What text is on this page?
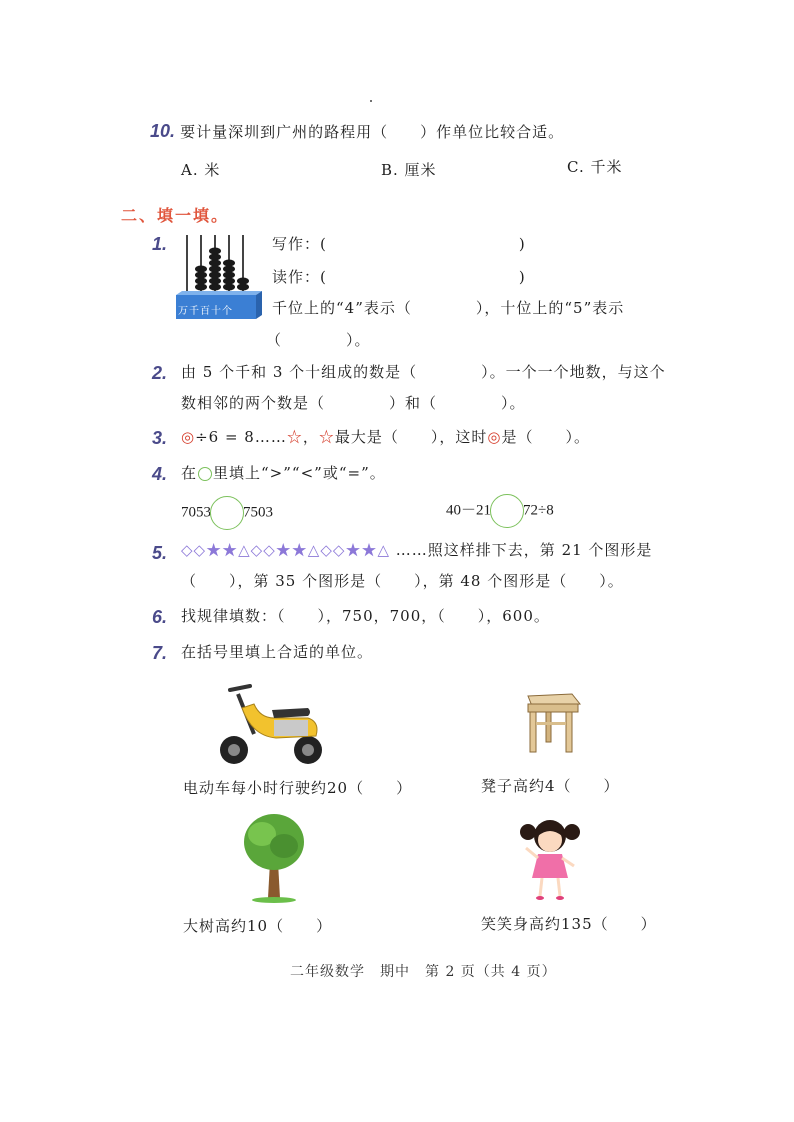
10. 要计量深圳到广州的路程用（　　）作单位比较合适。
A. 米	B. 厘米	C. 千米
二、填一填。
1.
万千百十个
写作：(　　　　　　　　　　　　)
读作：(　　　　　　　　　　　　)
千位上的“4”表示（　　　　），十位上的“5”表示
（　　　　）。
2. 由 5 个千和 3 个十组成的数是（　　　　）。一个一个地数，与这个
数相邻的两个数是（　　　　）和（　　　　）。
3. ◎÷6 = 8……☆，☆最大是（　　），这时◎是（　　）。
4. 在 里填上“>”“<”或“=”。
7053 7503	40－21 72÷8
5. ◇◇★★△◇◇★★△◇◇★★△ ……照这样排下去，第 21 个图形是
（　　），第 35 个图形是（　　），第 48 个图形是（　　）。
6. 找规律填数：（　　），750，700，（　　），600。
7. 在括号里填上合适的单位。
电动车每小时行驶约20（　　）	凳子高约4（　　）
大树高约10（　　）	笑笑身高约135（　　）
二年级数学　期中　第 2 页（共 4 页）
